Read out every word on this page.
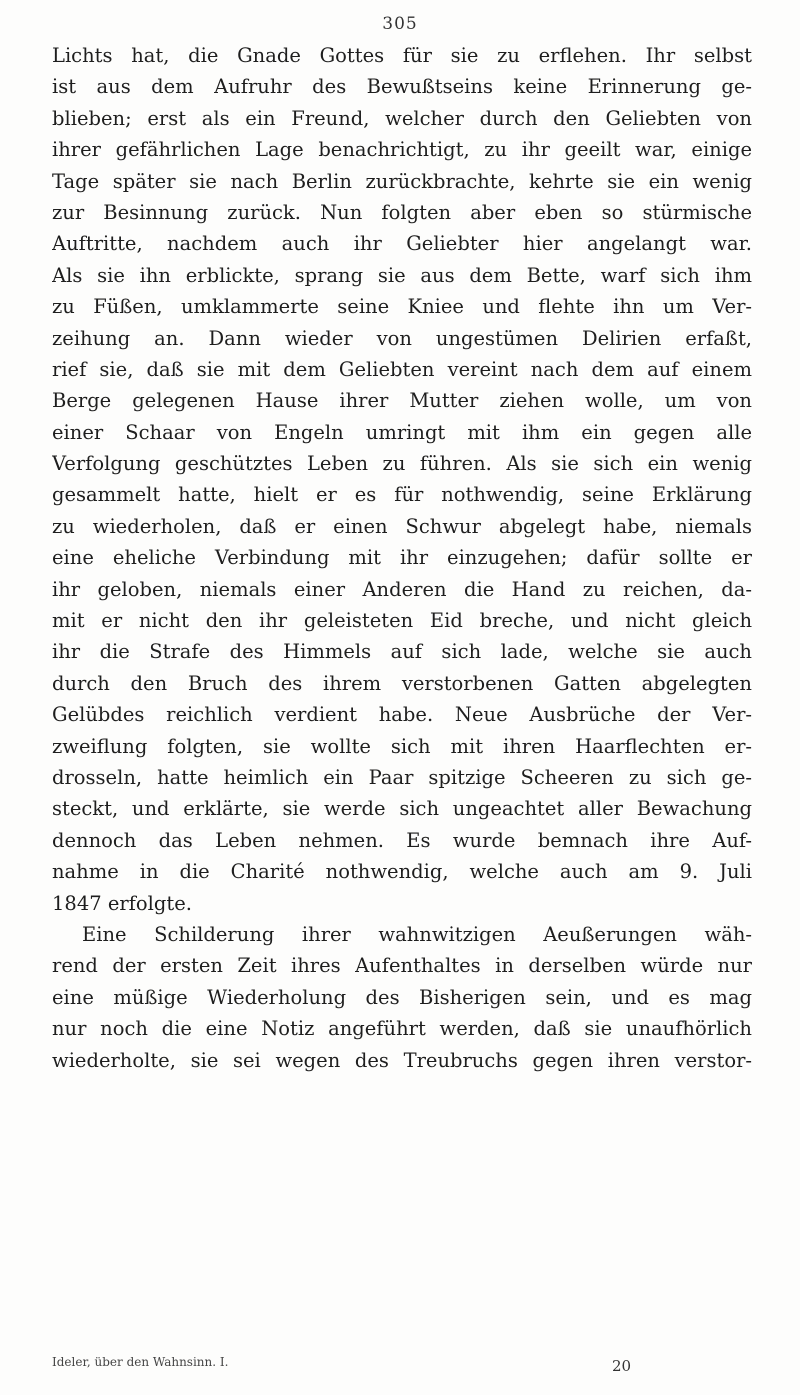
305
Lichts hat, die Gnade Gottes für sie zu erflehen. Ihr selbst
ist aus dem Aufruhr des Bewußtseins keine Erinnerung ge-
blieben; erst als ein Freund, welcher durch den Geliebten von
ihrer gefährlichen Lage benachrichtigt, zu ihr geeilt war, einige
Tage später sie nach Berlin zurückbrachte, kehrte sie ein wenig
zur Besinnung zurück. Nun folgten aber eben so stürmische
Auftritte, nachdem auch ihr Geliebter hier angelangt war.
Als sie ihn erblickte, sprang sie aus dem Bette, warf sich ihm
zu Füßen, umklammerte seine Kniee und flehte ihn um Ver-
zeihung an. Dann wieder von ungestümen Delirien erfaßt,
rief sie, daß sie mit dem Geliebten vereint nach dem auf einem
Berge gelegenen Hause ihrer Mutter ziehen wolle, um von
einer Schaar von Engeln umringt mit ihm ein gegen alle
Verfolgung geschütztes Leben zu führen. Als sie sich ein wenig
gesammelt hatte, hielt er es für nothwendig, seine Erklärung
zu wiederholen, daß er einen Schwur abgelegt habe, niemals
eine eheliche Verbindung mit ihr einzugehen; dafür sollte er
ihr geloben, niemals einer Anderen die Hand zu reichen, da-
mit er nicht den ihr geleisteten Eid breche, und nicht gleich
ihr die Strafe des Himmels auf sich lade, welche sie auch
durch den Bruch des ihrem verstorbenen Gatten abgelegten
Gelübdes reichlich verdient habe. Neue Ausbrüche der Ver-
zweiflung folgten, sie wollte sich mit ihren Haarflechten er-
drosseln, hatte heimlich ein Paar spitzige Scheeren zu sich ge-
steckt, und erklärte, sie werde sich ungeachtet aller Bewachung
dennoch das Leben nehmen. Es wurde bemnach ihre Auf-
nahme in die Charité nothwendig, welche auch am 9. Juli
1847 erfolgte.
Eine Schilderung ihrer wahnwitzigen Aeußerungen wäh-
rend der ersten Zeit ihres Aufenthaltes in derselben würde nur
eine müßige Wiederholung des Bisherigen sein, und es mag
nur noch die eine Notiz angeführt werden, daß sie unaufhörlich
wiederholte, sie sei wegen des Treubruchs gegen ihren verstor-
Ideler, über den Wahnsinn. I.	20
